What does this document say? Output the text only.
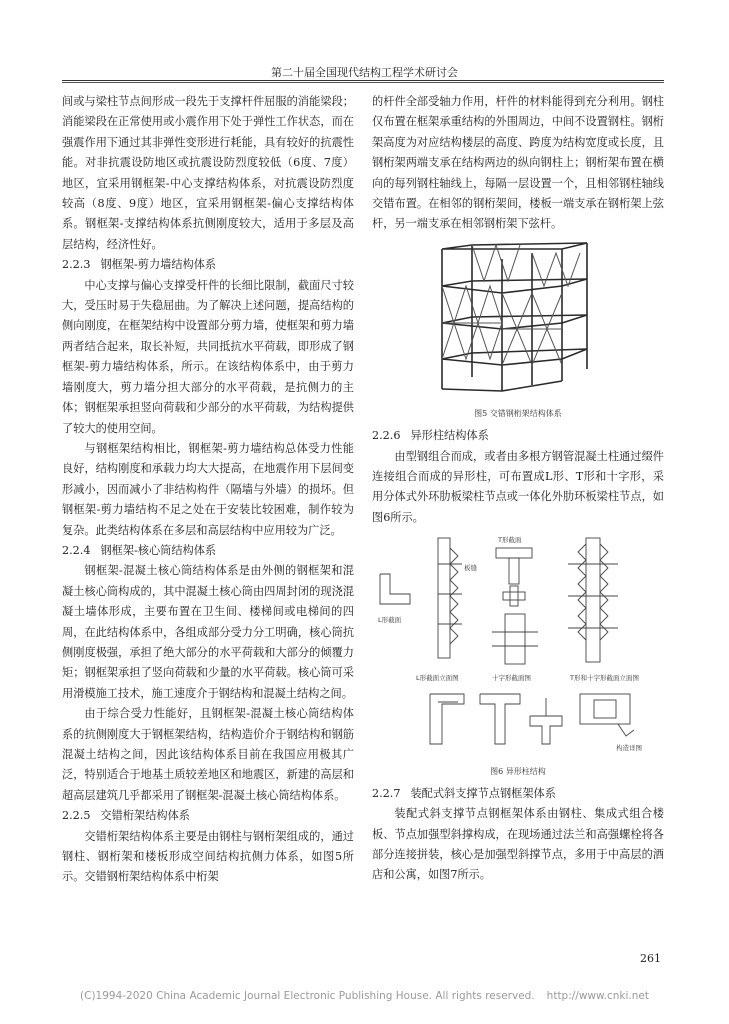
第二十届全国现代结构工程学术研讨会

间或与梁柱节点间形成一段先于支撑杆件屈服的消能梁段；消能梁段在正常使用或小震作用下处于弹性工作状态，而在强震作用下通过其非弹性变形进行耗能，具有较好的抗震性能。对非抗震设防地区或抗震设防烈度较低（6度、7度）地区，宜采用钢框架-中心支撑结构体系，对抗震设防烈度较高（8度、9度）地区，宜采用钢框架-偏心支撑结构体系。钢框架-支撑结构体系抗侧刚度较大，适用于多层及高层结构，经济性好。

2.2.3 钢框架-剪力墙结构体系

中心支撑与偏心支撑受杆件的长细比限制，截面尺寸较大，受压时易于失稳屈曲。为了解决上述问题，提高结构的侧向刚度，在框架结构中设置部分剪力墙，使框架和剪力墙两者结合起来，取长补短，共同抵抗水平荷载，即形成了钢框架-剪力墙结构体系，所示。在该结构体系中，由于剪力墙刚度大，剪力墙分担大部分的水平荷载，是抗侧力的主体；钢框架承担竖向荷载和少部分的水平荷载，为结构提供了较大的使用空间。

与钢框架结构相比，钢框架-剪力墙结构总体受力性能良好，结构刚度和承载力均大大提高，在地震作用下层间变形减小，因而减小了非结构构件（隔墙与外墙）的损坏。但钢框架-剪力墙结构不足之处在于安装比较困难，制作较为复杂。此类结构体系在多层和高层结构中应用较为广泛。

2.2.4 钢框架-核心筒结构体系

钢框架-混凝土核心筒结构体系是由外侧的钢框架和混凝土核心筒构成的，其中混凝土核心筒由四周封闭的现浇混凝土墙体形成，主要布置在卫生间、楼梯间或电梯间的四周，在此结构体系中，各组成部分受力分工明确，核心筒抗侧刚度极强，承担了绝大部分的水平荷载和大部分的倾覆力矩；钢框架承担了竖向荷载和少量的水平荷载。核心筒可采用滑模施工技术，施工速度介于钢结构和混凝土结构之间。

由于综合受力性能好，且钢框架-混凝土核心筒结构体系的抗侧刚度大于钢框架结构，结构造价介于钢结构和钢筋混凝土结构之间，因此该结构体系目前在我国应用极其广泛，特别适合于地基土质较差地区和地震区，新建的高层和超高层建筑几乎都采用了钢框架-混凝土核心筒结构体系。

2.2.5 交错桁架结构体系

交错桁架结构体系主要是由钢柱与钢桁架组成的，通过钢柱、钢桁架和楼板形成空间结构抗侧力体系，如图5所示。交错钢桁架结构体系中桁架

的杆件全部受轴力作用，杆件的材料能得到充分利用。钢柱仅布置在框架承重结构的外围周边，中间不设置钢柱。钢桁架高度为对应结构楼层的高度、跨度为结构宽度或长度，且钢桁架两端支承在结构两边的纵向钢柱上；钢桁架布置在横向的每列钢柱轴线上，每隔一层设置一个，且相邻钢柱轴线交错布置。在相邻的钢桁架间，楼板一端支承在钢桁架上弦杆，另一端支承在相邻钢桁架下弦杆。

图5 交错钢桁架结构体系
2.2.6 异形柱结构体系

由型钢组合而成，或者由多根方钢管混凝土柱通过缀件连接组合而成的异形柱，可布置成L形、T形和十字形，采用分体式外环肋板梁柱节点或一体化外肋环板梁柱节点，如图6所示。

L形截面
T形截面
L形截面立面图	十字形截面图	T形和十字形截面立面图
构造详图
板缝
图6 异形柱结构
2.2.7 装配式斜支撑节点钢框架体系

装配式斜支撑节点钢框架体系由钢柱、集成式组合楼板、节点加强型斜撑构成，在现场通过法兰和高强螺栓将各部分连接拼装，核心是加强型斜撑节点，多用于中高层的酒店和公寓，如图7所示。

261
(C)1994-2020 China Academic Journal Electronic Publishing House. All rights reserved. http://www.cnki.net
